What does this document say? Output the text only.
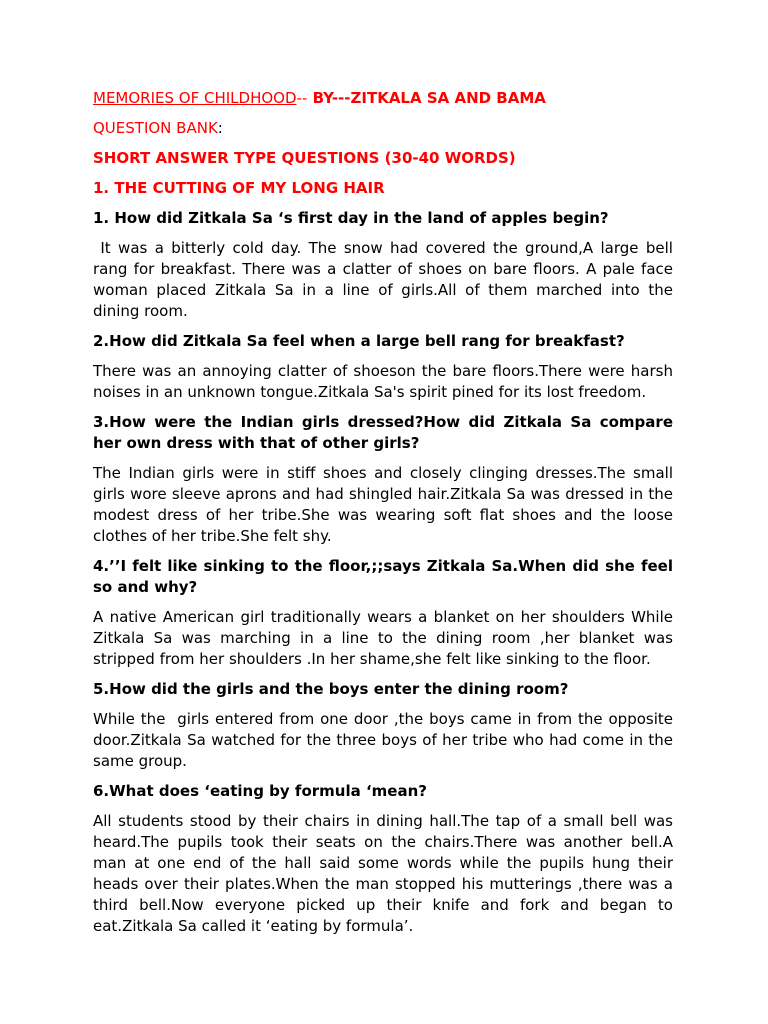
MEMORIES OF CHILDHOOD-- BY---ZITKALA SA AND BAMA

QUESTION BANK:

SHORT ANSWER TYPE QUESTIONS (30-40 WORDS)

1. THE CUTTING OF MY LONG HAIR

1. How did Zitkala Sa ‘s first day in the land of apples begin?

It was a bitterly cold day. The snow had covered the ground,A large bell rang for breakfast. There was a clatter of shoes on bare floors. A pale face woman placed Zitkala Sa in a line of girls.All of them marched into the dining room.

2.How did Zitkala Sa feel when a large bell rang for breakfast?

There was an annoying clatter of shoeson the bare floors.There were harsh noises in an unknown tongue.Zitkala Sa's spirit pined for its lost freedom.

3.How were the Indian girls dressed?How did Zitkala Sa compare her own dress with that of other girls?

The Indian girls were in stiff shoes and closely clinging dresses.The small girls wore sleeve aprons and had shingled hair.Zitkala Sa was dressed in the modest dress of her tribe.She was wearing soft flat shoes and the loose clothes of her tribe.She felt shy.

4.’’I felt like sinking to the floor,;;says Zitkala Sa.When did she feel so and why?

A native American girl traditionally wears a blanket on her shoulders While Zitkala Sa was marching in a line to the dining room ,her blanket was stripped from her shoulders .In her shame,she felt like sinking to the floor.

5.How did the girls and the boys enter the dining room?

While the  girls entered from one door ,the boys came in from the opposite door.Zitkala Sa watched for the three boys of her tribe who had come in the same group.

6.What does ‘eating by formula ‘mean?

All students stood by their chairs in dining hall.The tap of a small bell was heard.The pupils took their seats on the chairs.There was another bell.A man at one end of the hall said some words while the pupils hung their heads over their plates.When the man stopped his mutterings ,there was a third bell.Now everyone picked up their knife and fork and began to eat.Zitkala Sa called it ‘eating by formula’.
